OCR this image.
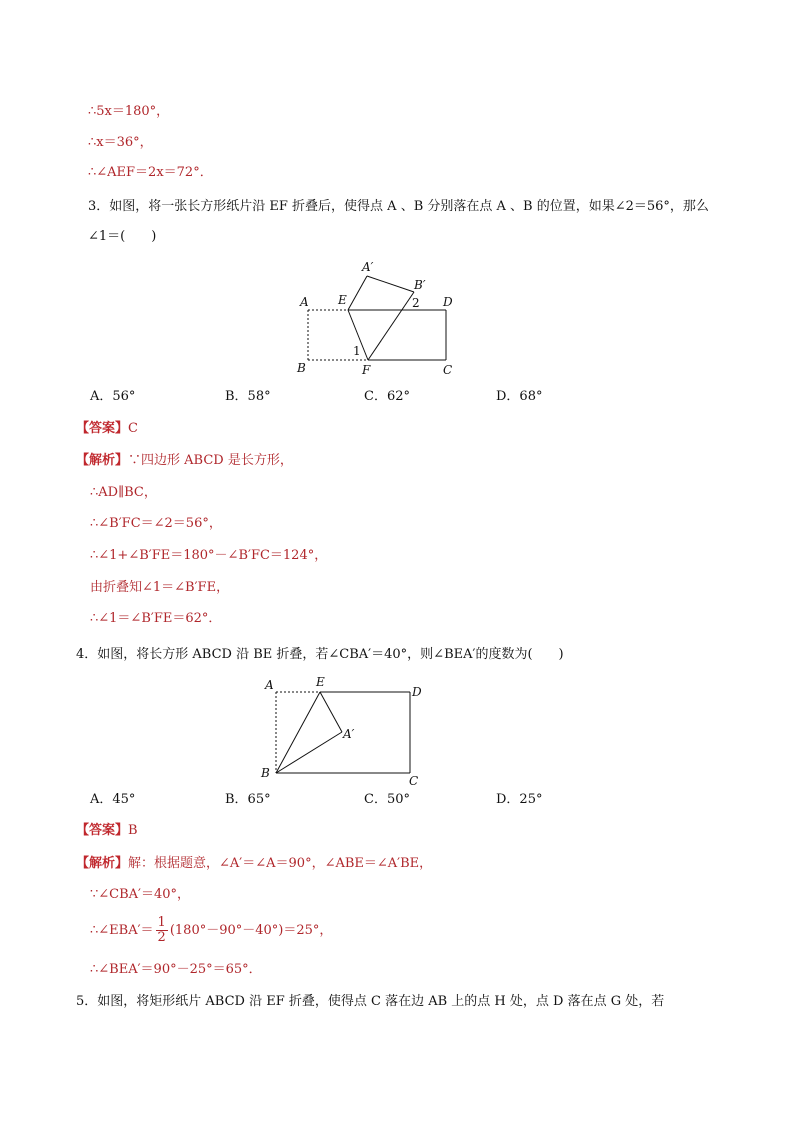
∴5x＝180°，
∴x＝36°，
∴∠AEF＝2x＝72°．
3．如图，将一张长方形纸片沿 EF 折叠后，使得点 A 、B 分别落在点 A 、B 的位置，如果∠2＝56°，那么
∠1＝(　　)
A E
A′
B′
2 D
1
B	F	C
A．56°	B．58°	C．62°	D．68°
【答案】C
【解析】∵四边形 ABCD 是长方形，
∴AD∥BC，
∴∠B′FC＝∠2＝56°，
∴∠1+∠B′FE＝180°－∠B′FC＝124°，
由折叠知∠1＝∠B′FE，
∴∠1＝∠B′FE＝62°．
4．如图，将长方形 ABCD 沿 BE 折叠，若∠CBA′＝40°，则∠BEA′的度数为(　　)
A	E
D
A′
B
C
A．45°	B．65°	C．50°	D．25°
【答案】B
【解析】解：根据题意，∠A′＝∠A＝90°，∠ABE＝∠A′BE，
∵∠CBA′＝40°，
∴∠EBA′＝ $\frac{1}{2} (180^\circ-90^\circ-40^\circ)=25^\circ$，
∴∠BEA′＝90°－25°＝65°．
5．如图，将矩形纸片 ABCD 沿 EF 折叠，使得点 C 落在边 AB 上的点 H 处，点 D 落在点 G 处，若
